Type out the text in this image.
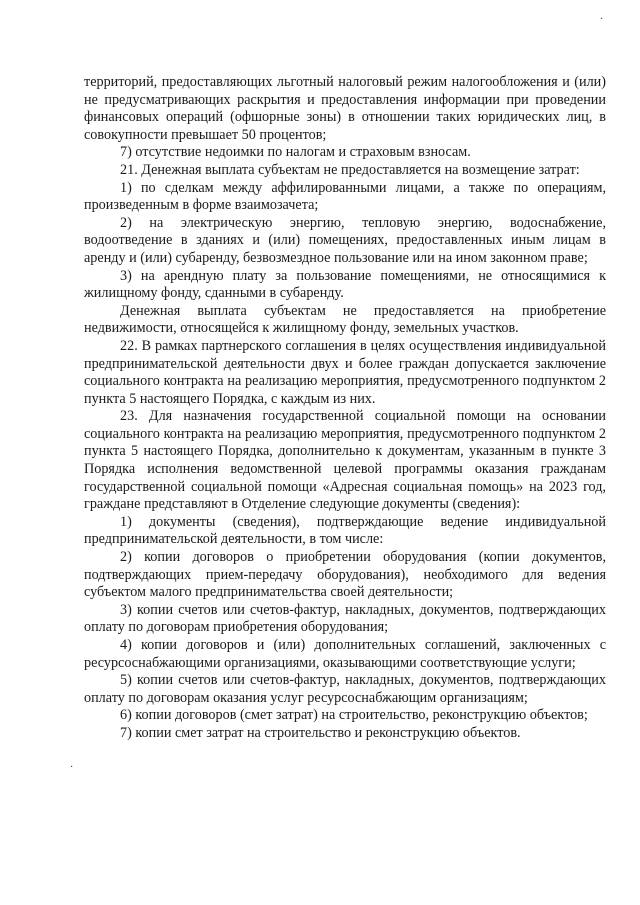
·
·

территорий, предоставляющих льготный налоговый режим налогообложения и (или) не предусматривающих раскрытия и предоставления информации при проведении финансовых операций (офшорные зоны) в отношении таких юридических лиц, в совокупности превышает 50 процентов;

7) отсутствие недоимки по налогам и страховым взносам.

21. Денежная выплата субъектам не предоставляется на возмещение затрат:

1) по сделкам между аффилированными лицами, а также по операциям, произведенным в форме взаимозачета;

2) на электрическую энергию, тепловую энергию, водоснабжение, водоотведение в зданиях и (или) помещениях, предоставленных иным лицам в аренду и (или) субаренду, безвозмездное пользование или на ином законном праве;

3) на арендную плату за пользование помещениями, не относящимися к жилищному фонду, сданными в субаренду.

Денежная выплата субъектам не предоставляется на приобретение недвижимости, относящейся к жилищному фонду, земельных участков.

22. В рамках партнерского соглашения в целях осуществления индивидуальной предпринимательской деятельности двух и более граждан допускается заключение социального контракта на реализацию мероприятия, предусмотренного подпунктом 2 пункта 5 настоящего Порядка, с каждым из них.

23. Для назначения государственной социальной помощи на основании социального контракта на реализацию мероприятия, предусмотренного подпунктом 2 пункта 5 настоящего Порядка, дополнительно к документам, указанным в пункте 3 Порядка исполнения ведомственной целевой программы оказания гражданам государственной социальной помощи «Адресная социальная помощь» на 2023 год, граждане представляют в Отделение следующие документы (сведения):

1) документы (сведения), подтверждающие ведение индивидуальной предпринимательской деятельности, в том числе:

2) копии договоров о приобретении оборудования (копии документов, подтверждающих прием-передачу оборудования), необходимого для ведения субъектом малого предпринимательства своей деятельности;

3) копии счетов или счетов-фактур, накладных, документов, подтверждающих оплату по договорам приобретения оборудования;

4) копии договоров и (или) дополнительных соглашений, заключенных с ресурсоснабжающими организациями, оказывающими соответствующие услуги;

5) копии счетов или счетов-фактур, накладных, документов, подтверждающих оплату по договорам оказания услуг ресурсоснабжающим организациям;

6) копии договоров (смет затрат) на строительство, реконструкцию объектов;

7) копии смет затрат на строительство и реконструкцию объектов.
